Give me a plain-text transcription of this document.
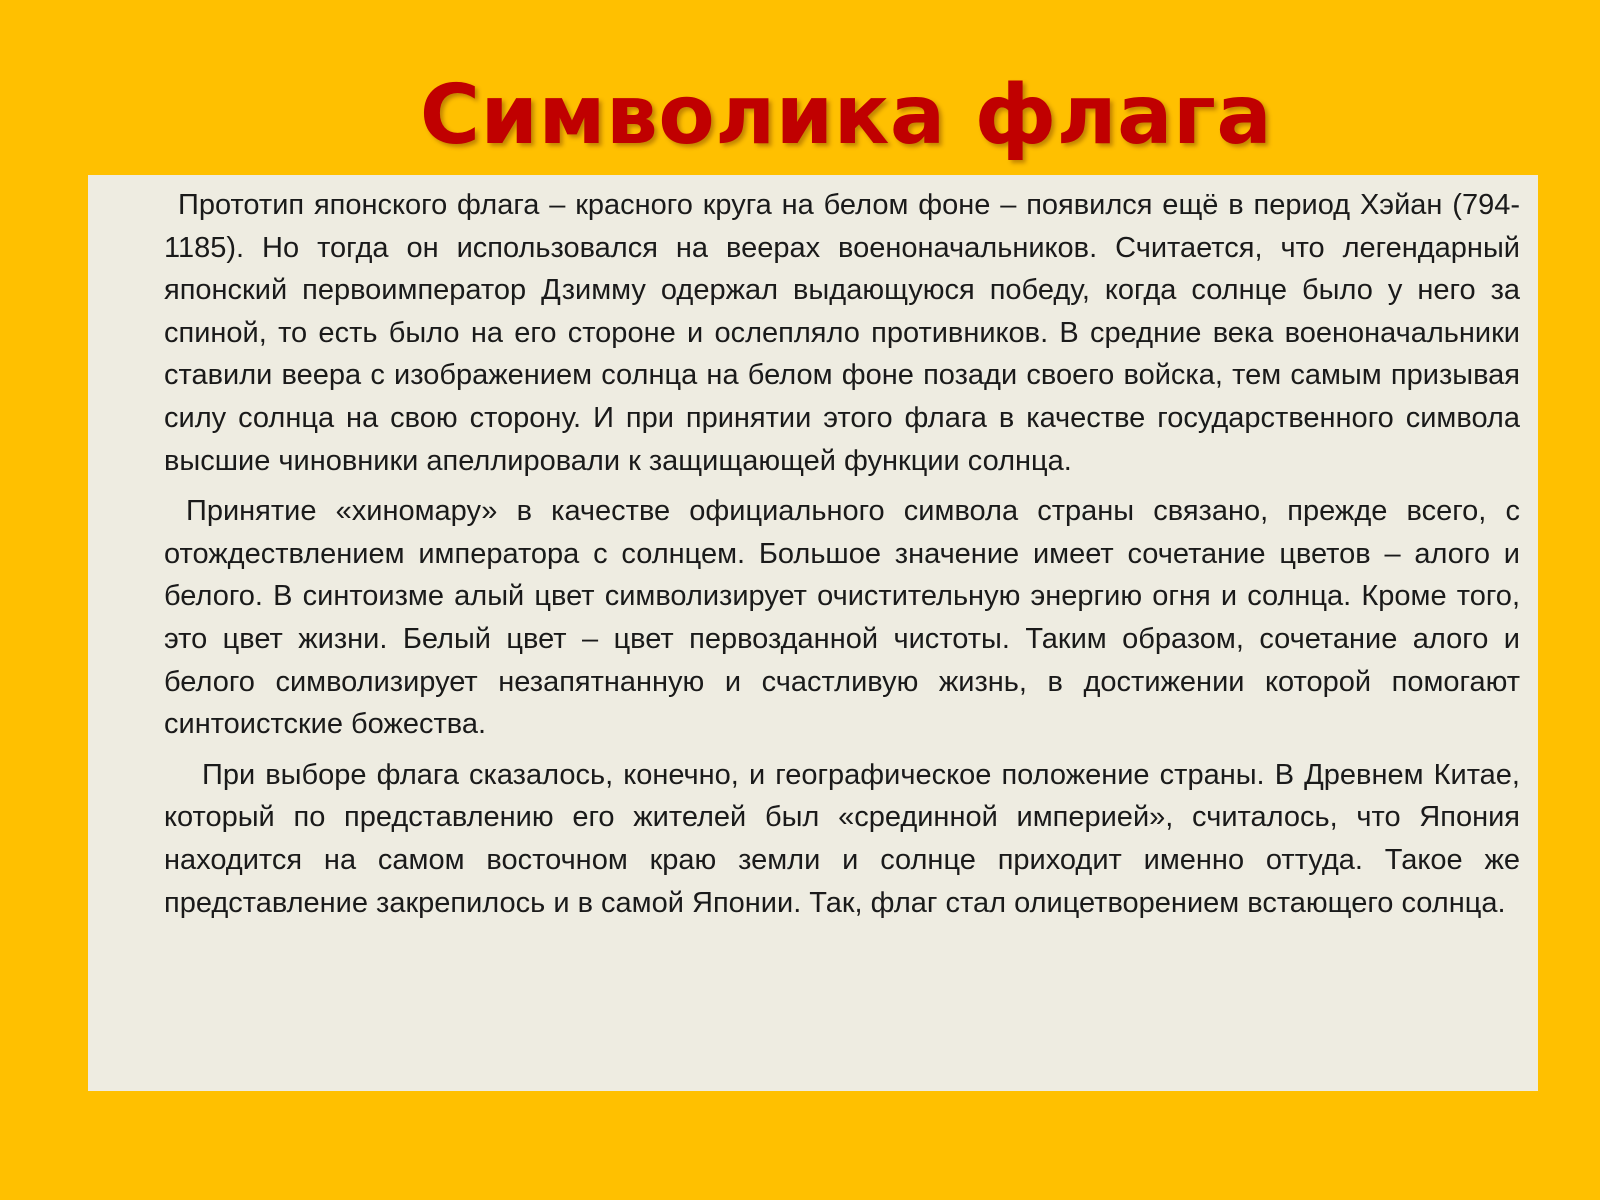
Символика флага

Прототип японского флага – красного круга на белом фоне – появился ещё в период Хэйан (794-1185). Но тогда он использовался на веерах военоначальников. Считается, что легендарный японский первоимператор Дзимму одержал выдающуюся победу, когда солнце было у него за спиной, то есть было на его стороне и ослепляло противников. В средние века военоначальники ставили веера с изображением солнца на белом фоне позади своего войска, тем самым призывая силу солнца на свою сторону. И при принятии этого флага в качестве государственного символа высшие чиновники апеллировали к защищающей функции солнца.

Принятие «хиномару» в качестве официального символа страны связано, прежде всего, с отождествлением императора с солнцем. Большое значение имеет сочетание цветов – алого и белого. В синтоизме алый цвет символизирует очистительную энергию огня и солнца. Кроме того, это цвет жизни. Белый цвет – цвет первозданной чистоты. Таким образом, сочетание алого и белого символизирует незапятнанную и счастливую жизнь, в достижении которой помогают синтоистские божества.

При выборе флага сказалось, конечно, и географическое положение страны. В Древнем Китае, который по представлению его жителей был «срединной империей», считалось, что Япония находится на самом восточном краю земли и солнце приходит именно оттуда. Такое же представление закрепилось и в самой Японии. Так, флаг стал олицетворением встающего солнца.
